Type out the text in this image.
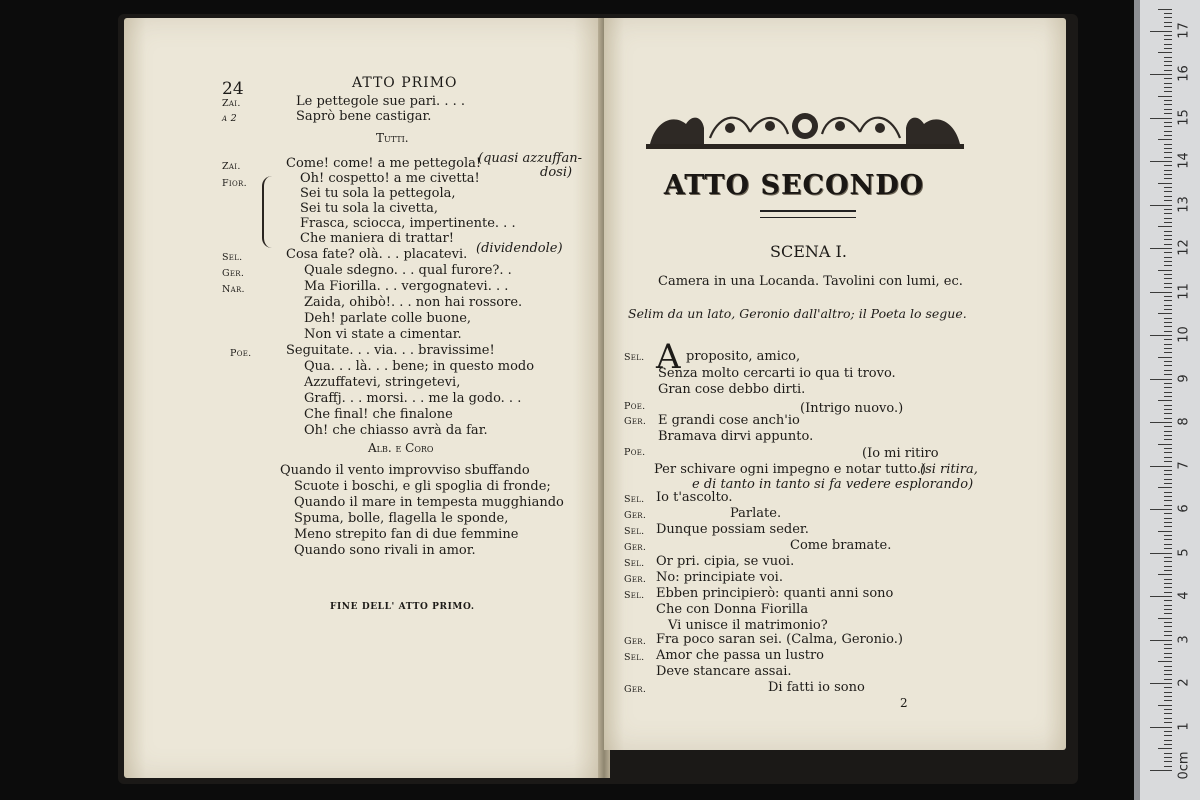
24	ATTO PRIMO
Zai.	Le pettegole sue pari. . . .
a 2	Saprò bene castigar.
Tutti.
Zai.	Come! come! a me pettegola!
(quasi azzuffan-
dosi)
Fior.	Oh! cospetto! a me civetta!
Sei tu sola la pettegola,
Sei tu sola la civetta,
Frasca, sciocca, impertinente. . .
Che maniera di trattar!
Sel.	Cosa fate? olà. . . placatevi. (dividendole)
Ger.	Quale sdegno. . . qual furore?. .
Nar.	Ma Fiorilla. . . vergognatevi. . .
Zaida, ohibò!. . . non hai rossore.
Deh! parlate colle buone,
Non vi state a cimentar.
Poe.	Seguitate. . . via. . . bravissime!
Qua. . . là. . . bene; in questo modo
Azzuffatevi, stringetevi,
Graffj. . . morsi. . . me la godo. . .
Che final! che finalone
Oh! che chiasso avrà da far.
Alb. e Coro
Quando il vento improvviso sbuffando
Scuote i boschi, e gli spoglia di fronde;
Quando il mare in tempesta mugghiando
Spuma, bolle, flagella le sponde,
Meno strepito fan di due femmine
Quando sono rivali in amor.
FINE DELL' ATTO PRIMO.
ATTO SECONDO
SCENA I.
Camera in una Locanda. Tavolini con lumi, ec.
Selim da un lato, Geronio dall'altro; il Poeta lo segue.
Sel. A proposito, amico,
Senza molto cercarti io qua ti trovo.
Gran cose debbo dirti.
Poe.	(Intrigo nuovo.)
Ger. E grandi cose anch'io
Bramava dirvi appunto.
Poe.	(Io mi ritiro
Per schivare ogni impegno e notar tutto.)
(si ritira,
e di tanto in tanto si fa vedere esplorando)
Sel. Io t'ascolto.
Ger.	Parlate.
Sel. Dunque possiam seder.
Ger.	Come bramate.
Sel. Or pri. cipia, se vuoi.
Ger. No: principiate voi.
Sel. Ebben principierò: quanti anni sono
Che con Donna Fiorilla
Vi unisce il matrimonio?
Ger. Fra poco saran sei. (Calma, Geronio.)
Sel. Amor che passa un lustro
Deve stancare assai.
Ger.	Di fatti io sono
2
0cm
1
2
3
4
5
6
7
8
9
10
11
12
13
14
15
16
17
